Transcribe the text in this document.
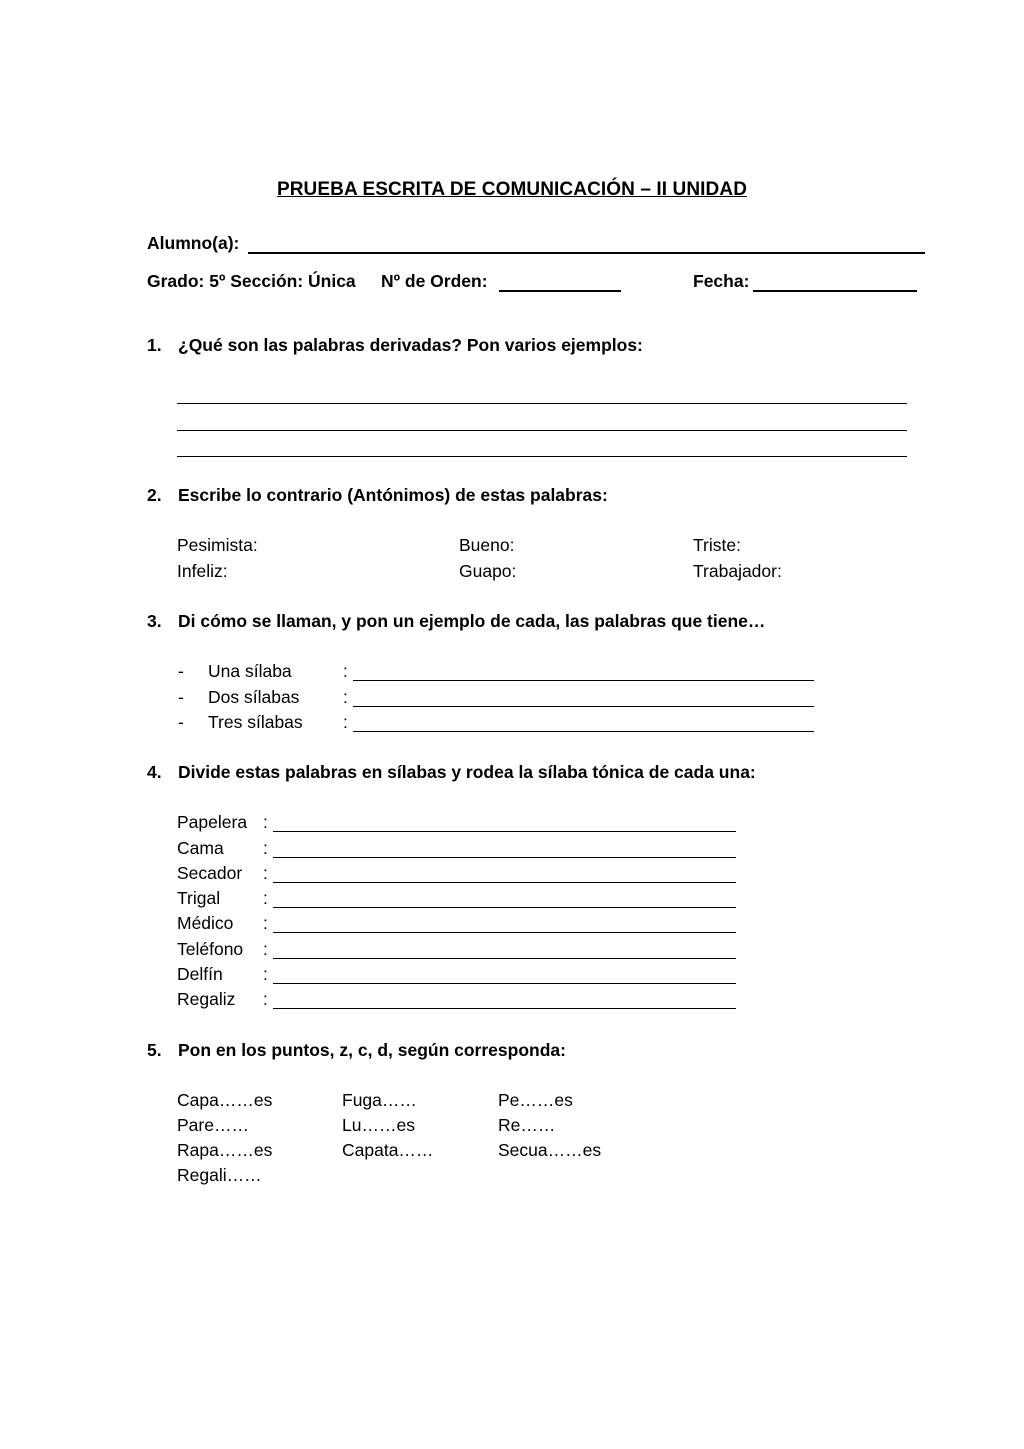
PRUEBA ESCRITA DE COMUNICACIÓN – II UNIDAD
Alumno(a):
Grado: 5º Sección: Única Nº de Orden:	Fecha:
1. ¿Qué son las palabras derivadas? Pon varios ejemplos:
2. Escribe lo contrario (Antónimos) de estas palabras:
Pesimista:	Bueno:	Triste:
Infeliz:	Guapo:	Trabajador:
3. Di cómo se llaman, y pon un ejemplo de cada, las palabras que tiene…
- Una sílaba	:
- Dos sílabas :
- Tres sílabas :
4. Divide estas palabras en sílabas y rodea la sílaba tónica de cada una:
Papelera :
Cama :
Secador :
Trigal :
Médico :
Teléfono :
Delfín :
Regaliz :
5. Pon en los puntos, z, c, d, según corresponda:
Capa……es	Fuga……	Pe……es
Pare……	Lu……es	Re……
Rapa……es	Capata……	Secua……es
Regali……
